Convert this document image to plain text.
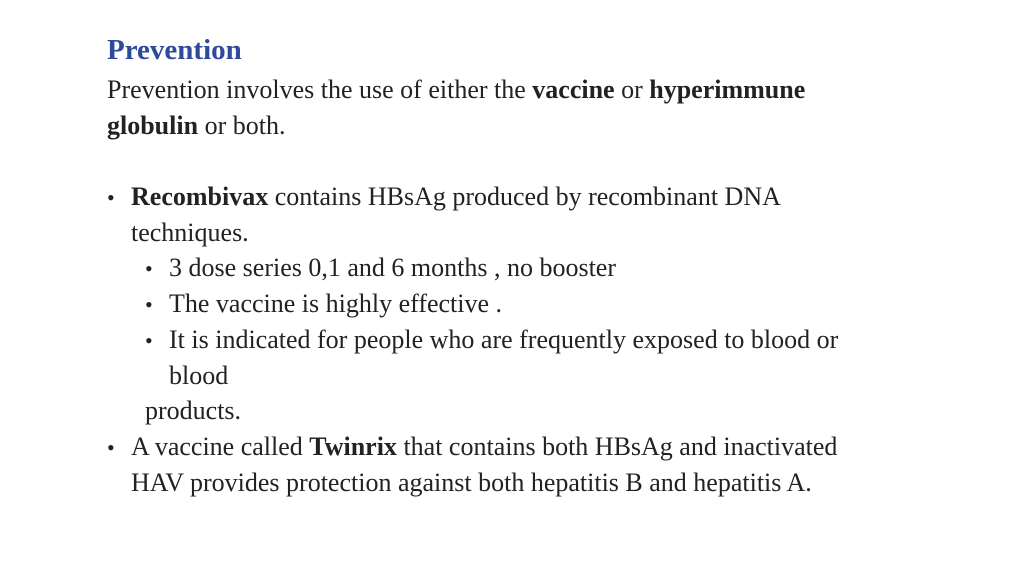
Prevention
Prevention involves the use of either the vaccine or hyperimmune
globulin or both.
• Recombivax contains HBsAg produced by recombinant DNA
techniques.
• 3 dose series 0,1 and 6 months , no booster
• The vaccine is highly effective .
• It is indicated for people who are frequently exposed to blood or
blood
products.
• A vaccine called Twinrix that contains both HBsAg and inactivated
HAV provides protection against both hepatitis B and hepatitis A.
